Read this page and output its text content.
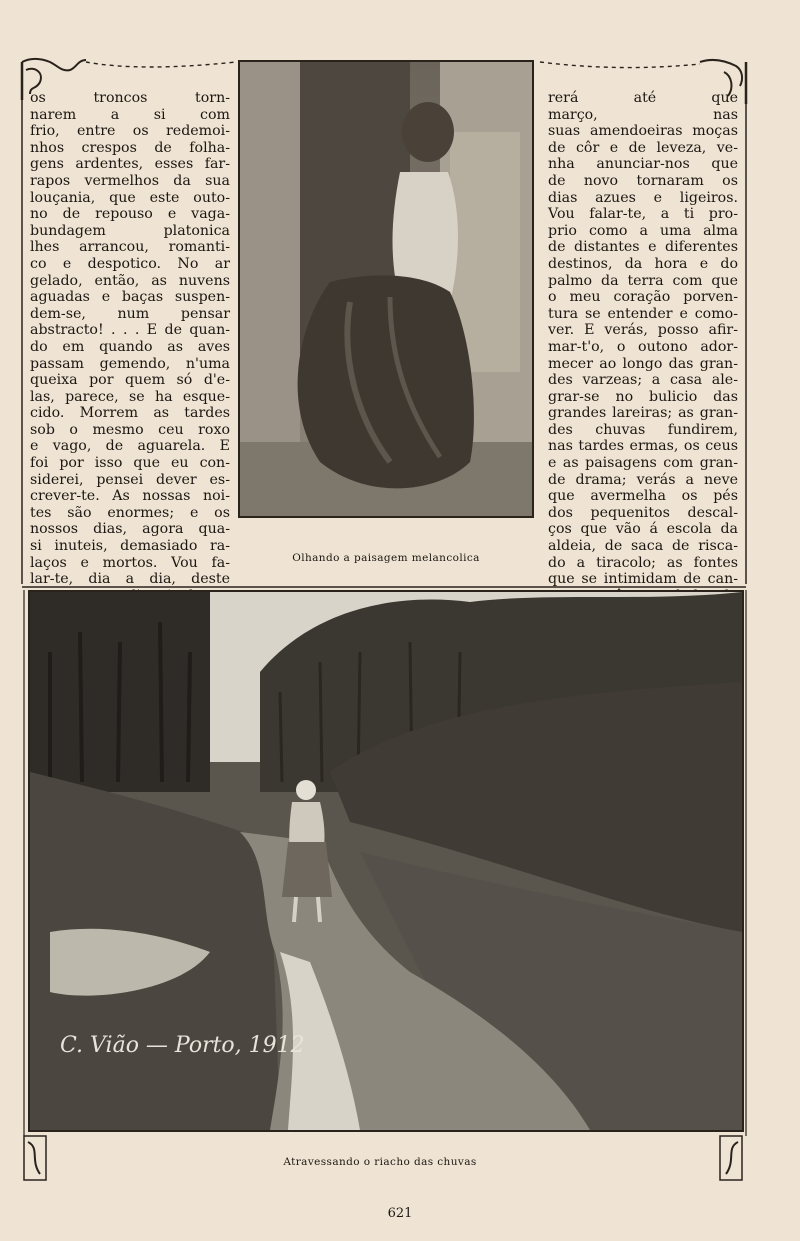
os troncos torn-
narem a si com
frio, entre os redemoi-
nhos crespos de folha-
gens ardentes, esses far-
rapos vermelhos da sua
louçania, que este outo-
no de repouso e vaga-
bundagem platonica
lhes arrancou, romanti-
co e despotico. No ar
gelado, então, as nuvens
aguadas e baças suspen-
dem-se, num pensar
abstracto! . . . E de quan-
do em quando as aves
passam gemendo, n'uma
queixa por quem só d'e-
las, parece, se ha esque-
cido. Morrem as tardes
sob o mesmo ceu roxo
e vago, de aguarela. E
foi por isso que eu con-
siderei, pensei dever es-
crever-te. As nossas noi-
tes são enormes; e os
nossos dias, agora qua-
si inuteis, demasiado ra-
laços e mortos. Vou fa-
lar-te, dia a dia, deste

rerá até que
março, nas
suas amendoeiras moças
de côr e de leveza, ve-
nha anunciar-nos que
de novo tornaram os
dias azues e ligeiros.
Vou falar-te, a ti pro-
prio como a uma alma
de distantes e diferentes
destinos, da hora e do
palmo da terra com que
o meu coração porven-
tura se entender e como-
ver. E verás, posso afir-
mar-t'o, o outono ador-
mecer ao longo das gran-
des varzeas; a casa ale-
grar-se no bulicio das
grandes lareiras; as gran-
des chuvas fundirem,
nas tardes ermas, os ceus
e as paisagens com gran-
de drama; verás a neve
que avermelha os pés
dos pequenitos descal-
ços que vão á escola da
aldeia, de saca de risca-
do a tiracolo; as fontes
que se intimidam de can-

Olhando a paisagem melancolica
C. Vião — Porto, 1912
Atravessando o riacho das chuvas
621
